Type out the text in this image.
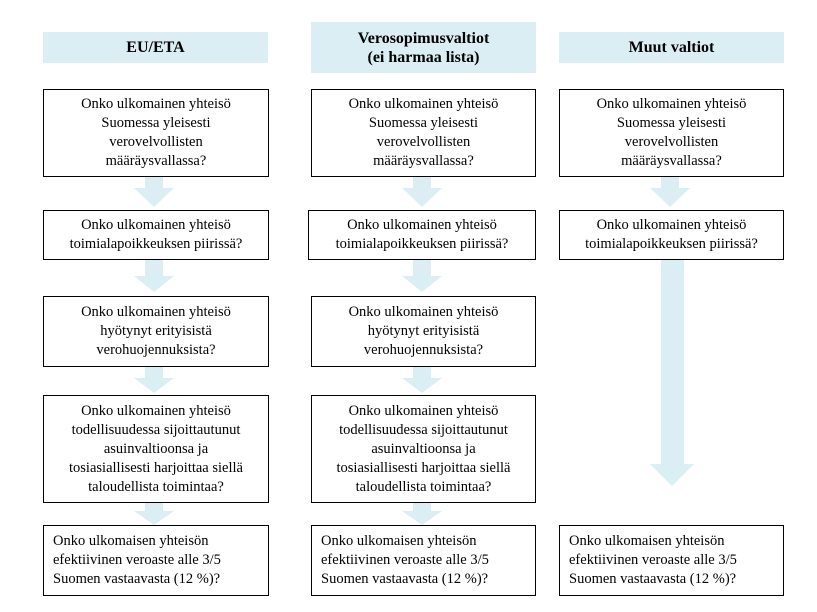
EU/ETA
Verosopimusvaltiot
(ei harmaa lista)
Muut valtiot
Onko ulkomainen yhteisö
Suomessa yleisesti
verovelvollisten
määräysvallassa?
Onko ulkomainen yhteisö
toimialapoikkeuksen piirissä?
Onko ulkomainen yhteisö
hyötynyt erityisistä
verohuojennuksista?
Onko ulkomainen yhteisö
todellisuudessa sijoittautunut
asuinvaltioonsa ja
tosiasiallisesti harjoittaa siellä
taloudellista toimintaa?
Onko ulkomaisen yhteisön
efektiivinen veroaste alle 3/5
Suomen vastaavasta (12 %)?
Onko ulkomainen yhteisö
Suomessa yleisesti
verovelvollisten
määräysvallassa?
Onko ulkomainen yhteisö
toimialapoikkeuksen piirissä?
Onko ulkomainen yhteisö
hyötynyt erityisistä
verohuojennuksista?
Onko ulkomainen yhteisö
todellisuudessa sijoittautunut
asuinvaltioonsa ja
tosiasiallisesti harjoittaa siellä
taloudellista toimintaa?
Onko ulkomaisen yhteisön
efektiivinen veroaste alle 3/5
Suomen vastaavasta (12 %)?
Onko ulkomainen yhteisö
Suomessa yleisesti
verovelvollisten
määräysvallassa?
Onko ulkomainen yhteisö
toimialapoikkeuksen piirissä?
Onko ulkomaisen yhteisön
efektiivinen veroaste alle 3/5
Suomen vastaavasta (12 %)?
